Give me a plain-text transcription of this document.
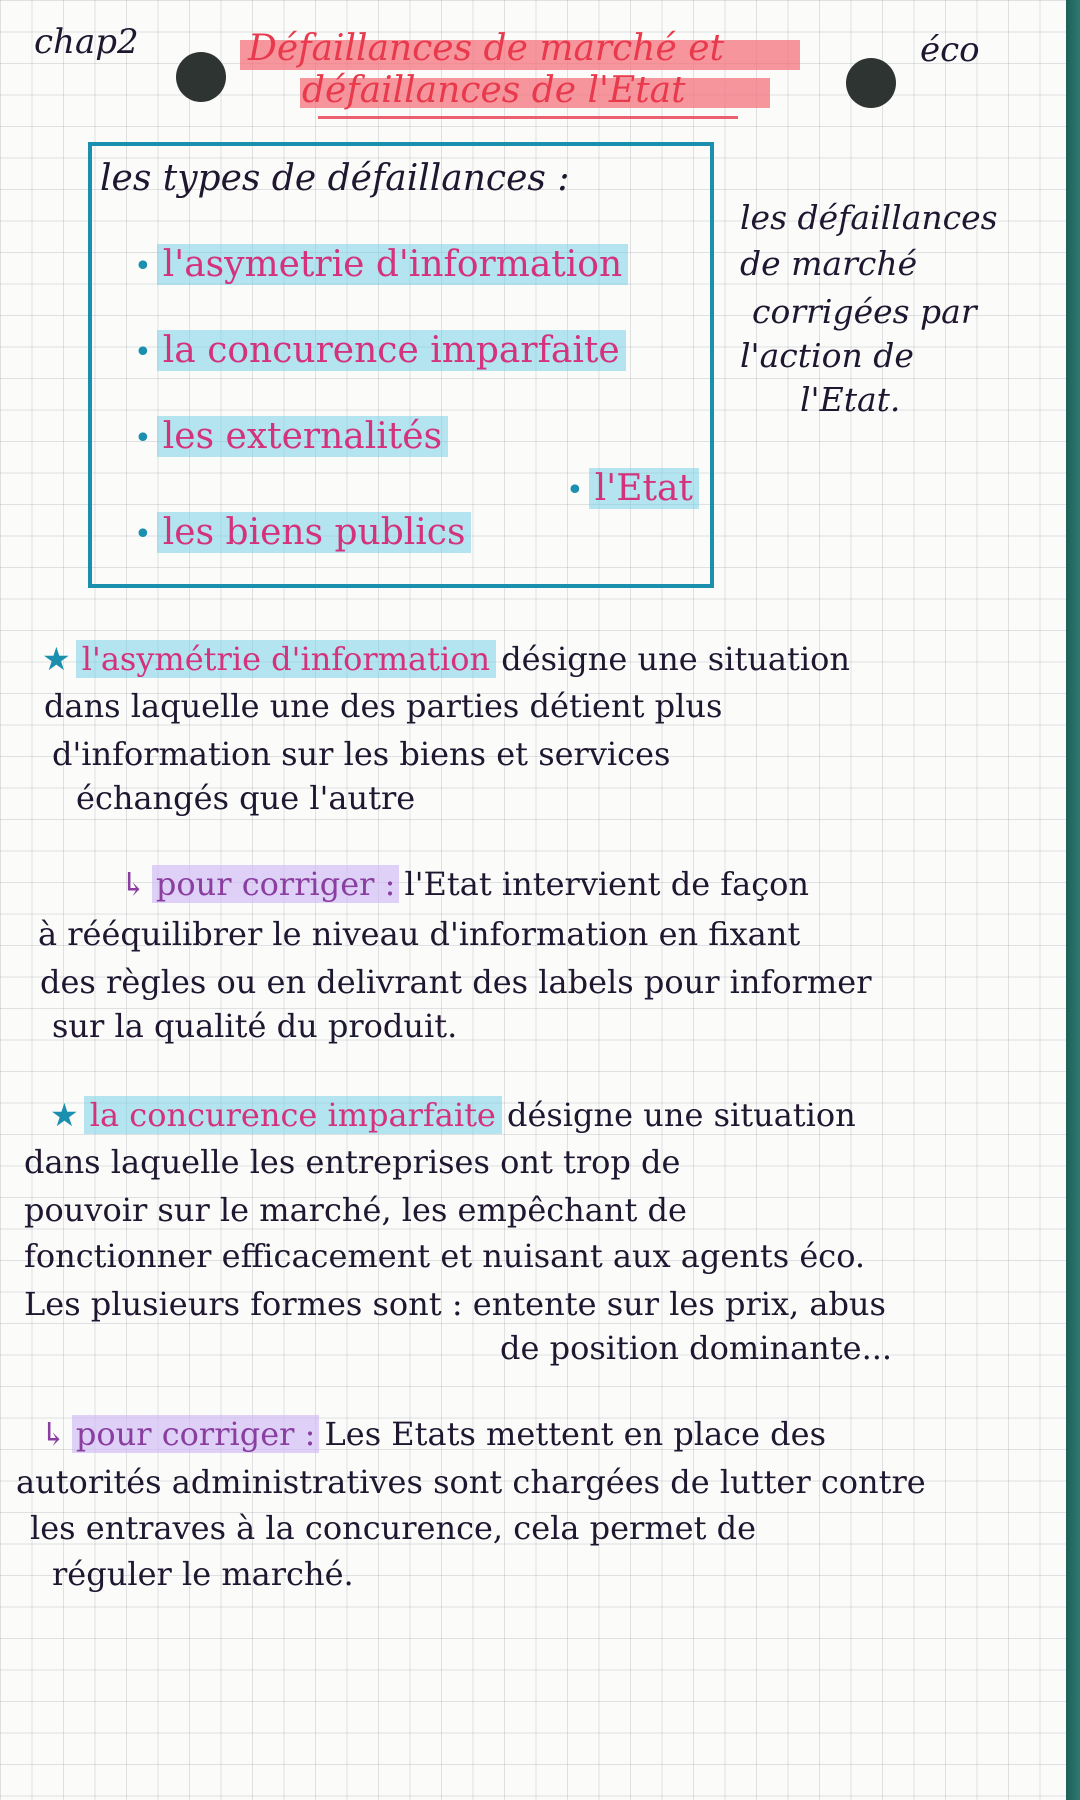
chap2	éco
Défaillances de marché et
défaillances de l'Etat
les types de défaillances :
• l'asymetrie d'information
• la concurence imparfaite
• les externalités
• les biens publics
• l'Etat
les défaillances
de marché
corrigées par
l'action de
l'Etat.
★ l'asymétrie d'information désigne une situation
dans laquelle une des parties détient plus
d'information sur les biens et services
échangés que l'autre
↳ pour corriger : l'Etat intervient de façon
à rééquilibrer le niveau d'information en fixant
des règles ou en delivrant des labels pour informer
sur la qualité du produit.
★ la concurence imparfaite désigne une situation
dans laquelle les entreprises ont trop de
pouvoir sur le marché, les empêchant de
fonctionner efficacement et nuisant aux agents éco.
Les plusieurs formes sont : entente sur les prix, abus
de position dominante...
↳ pour corriger : Les Etats mettent en place des
autorités administratives sont chargées de lutter contre
les entraves à la concurence, cela permet de
réguler le marché.
